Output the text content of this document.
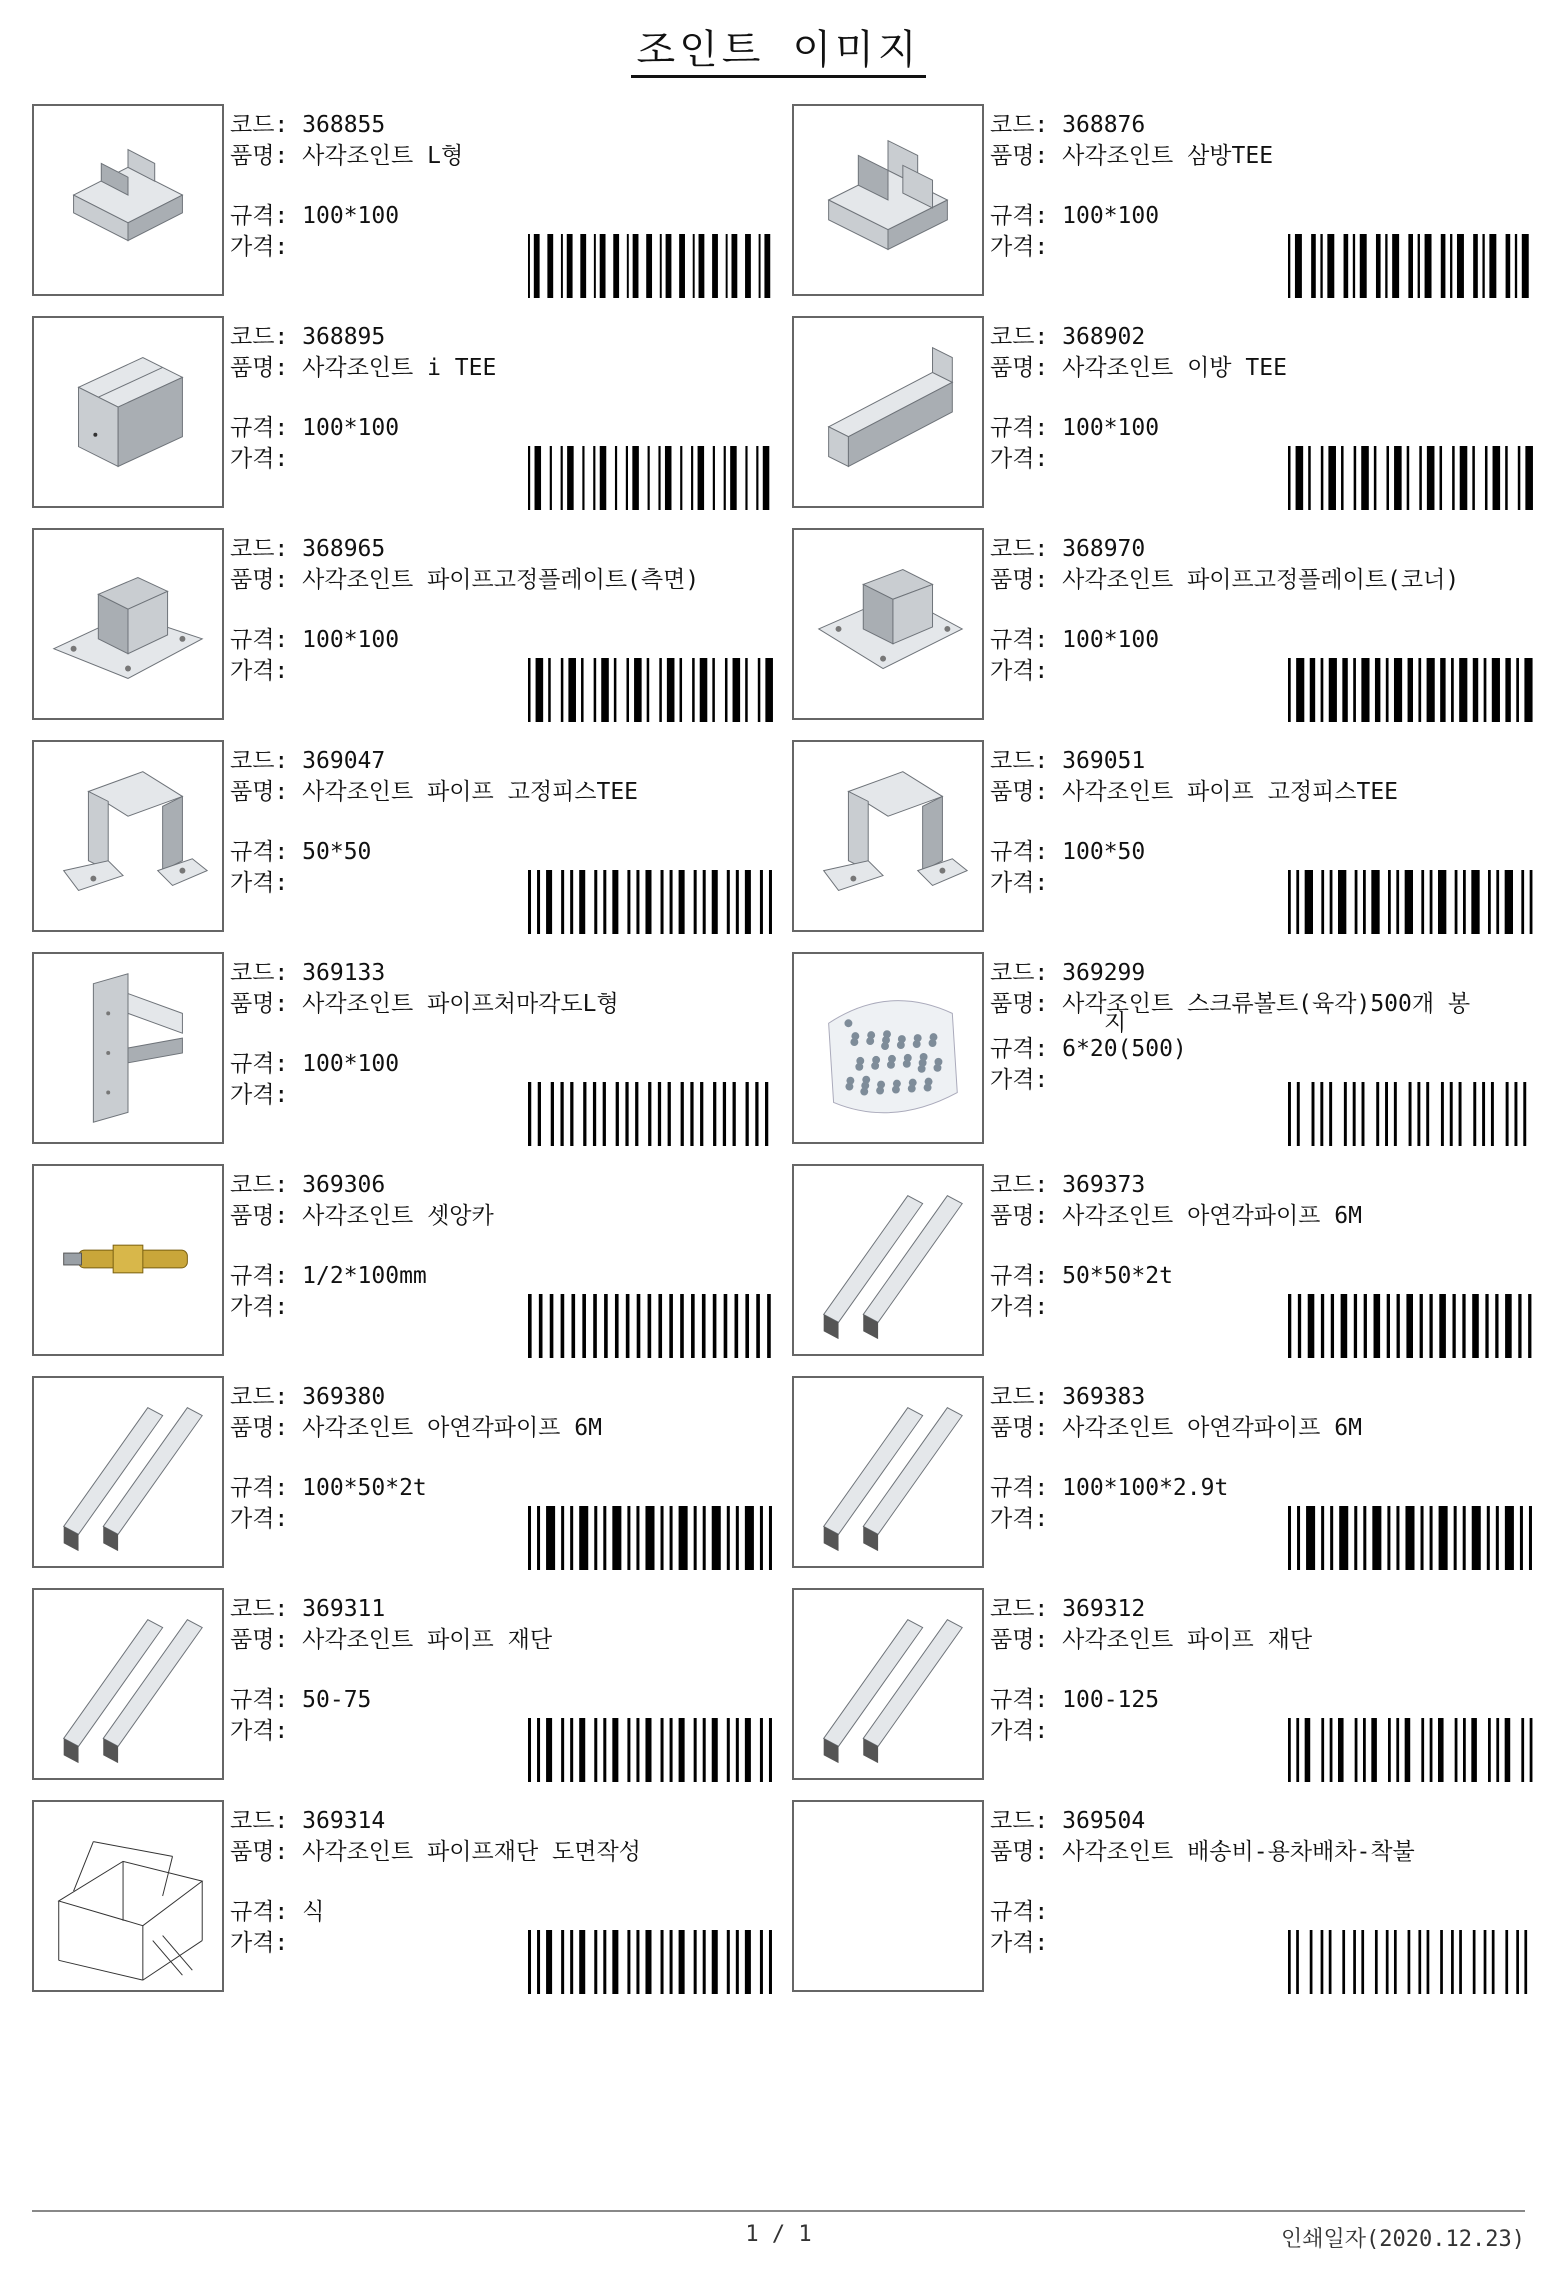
조인트 이미지
코드: 368855
품명: 사각조인트 L형
규격: 100*100
가격:
코드: 368876
품명: 사각조인트 삼방TEE
규격: 100*100
가격:
코드: 368895
품명: 사각조인트 i TEE
규격: 100*100
가격:
코드: 368902
품명: 사각조인트 이방 TEE
규격: 100*100
가격:
코드: 368965
품명: 사각조인트 파이프고정플레이트(측면)
규격: 100*100
가격:
코드: 368970
품명: 사각조인트 파이프고정플레이트(코너)
규격: 100*100
가격:
코드: 369047
품명: 사각조인트 파이프 고정피스TEE
규격: 50*50
가격:
코드: 369051
품명: 사각조인트 파이프 고정피스TEE
규격: 100*50
가격:
코드: 369133
품명: 사각조인트 파이프처마각도L형
규격: 100*100
가격:
코드: 369299
품명: 사각조인트 스크류볼트(육각)500개 봉
지
규격: 6*20(500)
가격:
코드: 369306
품명: 사각조인트 셋앙카
규격: 1/2*100mm
가격:
코드: 369373
품명: 사각조인트 아연각파이프 6M
규격: 50*50*2t
가격:
코드: 369380
품명: 사각조인트 아연각파이프 6M
규격: 100*50*2t
가격:
코드: 369383
품명: 사각조인트 아연각파이프 6M
규격: 100*100*2.9t
가격:
코드: 369311
품명: 사각조인트 파이프 재단
규격: 50-75
가격:
코드: 369312
품명: 사각조인트 파이프 재단
규격: 100-125
가격:
코드: 369314
품명: 사각조인트 파이프재단 도면작성
규격: 식
가격:
코드: 369504
품명: 사각조인트 배송비-용차배차-착불
규격:
가격:
1 / 1	인쇄일자(2020.12.23)
